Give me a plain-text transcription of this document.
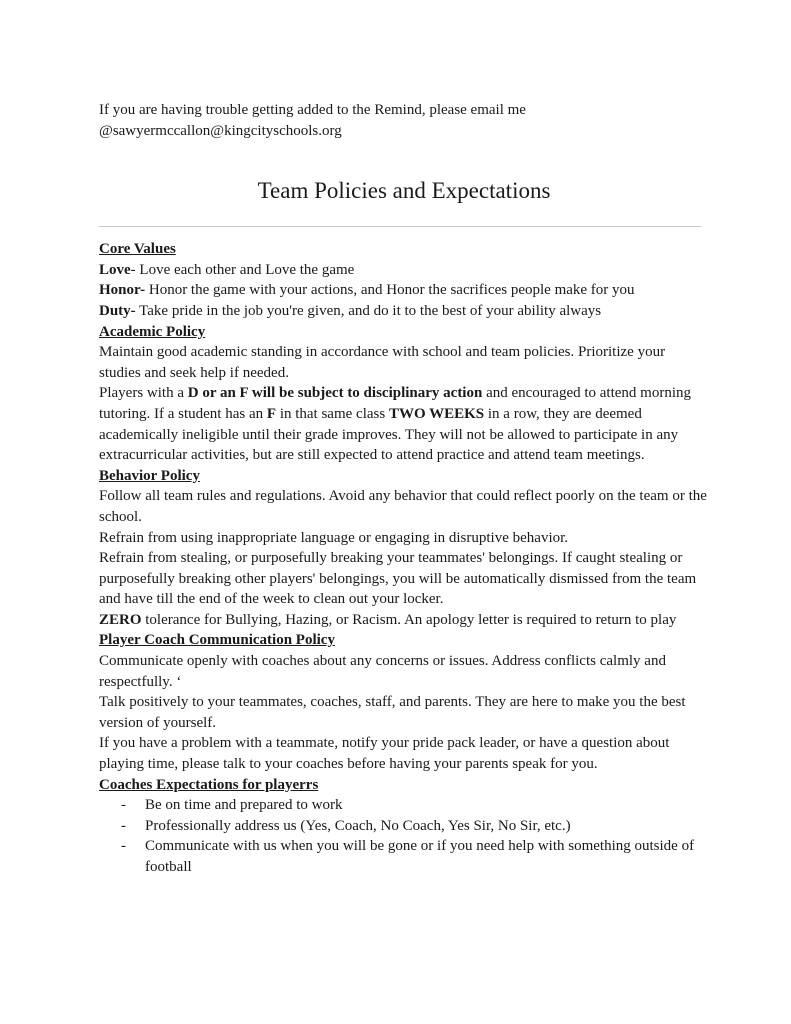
If you are having trouble getting added to the Remind, please email me

@sawyermccallon@kingcityschools.org

Team Policies and Expectations

Core Values

Love- Love each other and Love the game

Honor- Honor the game with your actions, and Honor the sacrifices people make for you

Duty- Take pride in the job you're given, and do it to the best of your ability always

Academic Policy

Maintain good academic standing in accordance with school and team policies. Prioritize your studies and seek help if needed.

Players with a D or an F will be subject to disciplinary action and encouraged to attend morning tutoring. If a student has an F in that same class TWO WEEKS in a row, they are deemed academically ineligible until their grade improves. They will not be allowed to participate in any extracurricular activities, but are still expected to attend practice and attend team meetings.

Behavior Policy

Follow all team rules and regulations. Avoid any behavior that could reflect poorly on the team or the school.

Refrain from using inappropriate language or engaging in disruptive behavior.

Refrain from stealing, or purposefully breaking your teammates' belongings. If caught stealing or purposefully breaking other players' belongings, you will be automatically dismissed from the team and have till the end of the week to clean out your locker.

ZERO tolerance for Bullying, Hazing, or Racism. An apology letter is required to return to play

Player Coach Communication Policy

Communicate openly with coaches about any concerns or issues. Address conflicts calmly and respectfully. ‘

Talk positively to your teammates, coaches, staff, and parents. They are here to make you the best version of yourself.

If you have a problem with a teammate, notify your pride pack leader, or have a question about playing time, please talk to your coaches before having your parents speak for you.

Coaches Expectations for playerrs

- Be on time and prepared to work
- Professionally address us (Yes, Coach, No Coach, Yes Sir, No Sir, etc.)
- Communicate with us when you will be gone or if you need help with something outside of football
